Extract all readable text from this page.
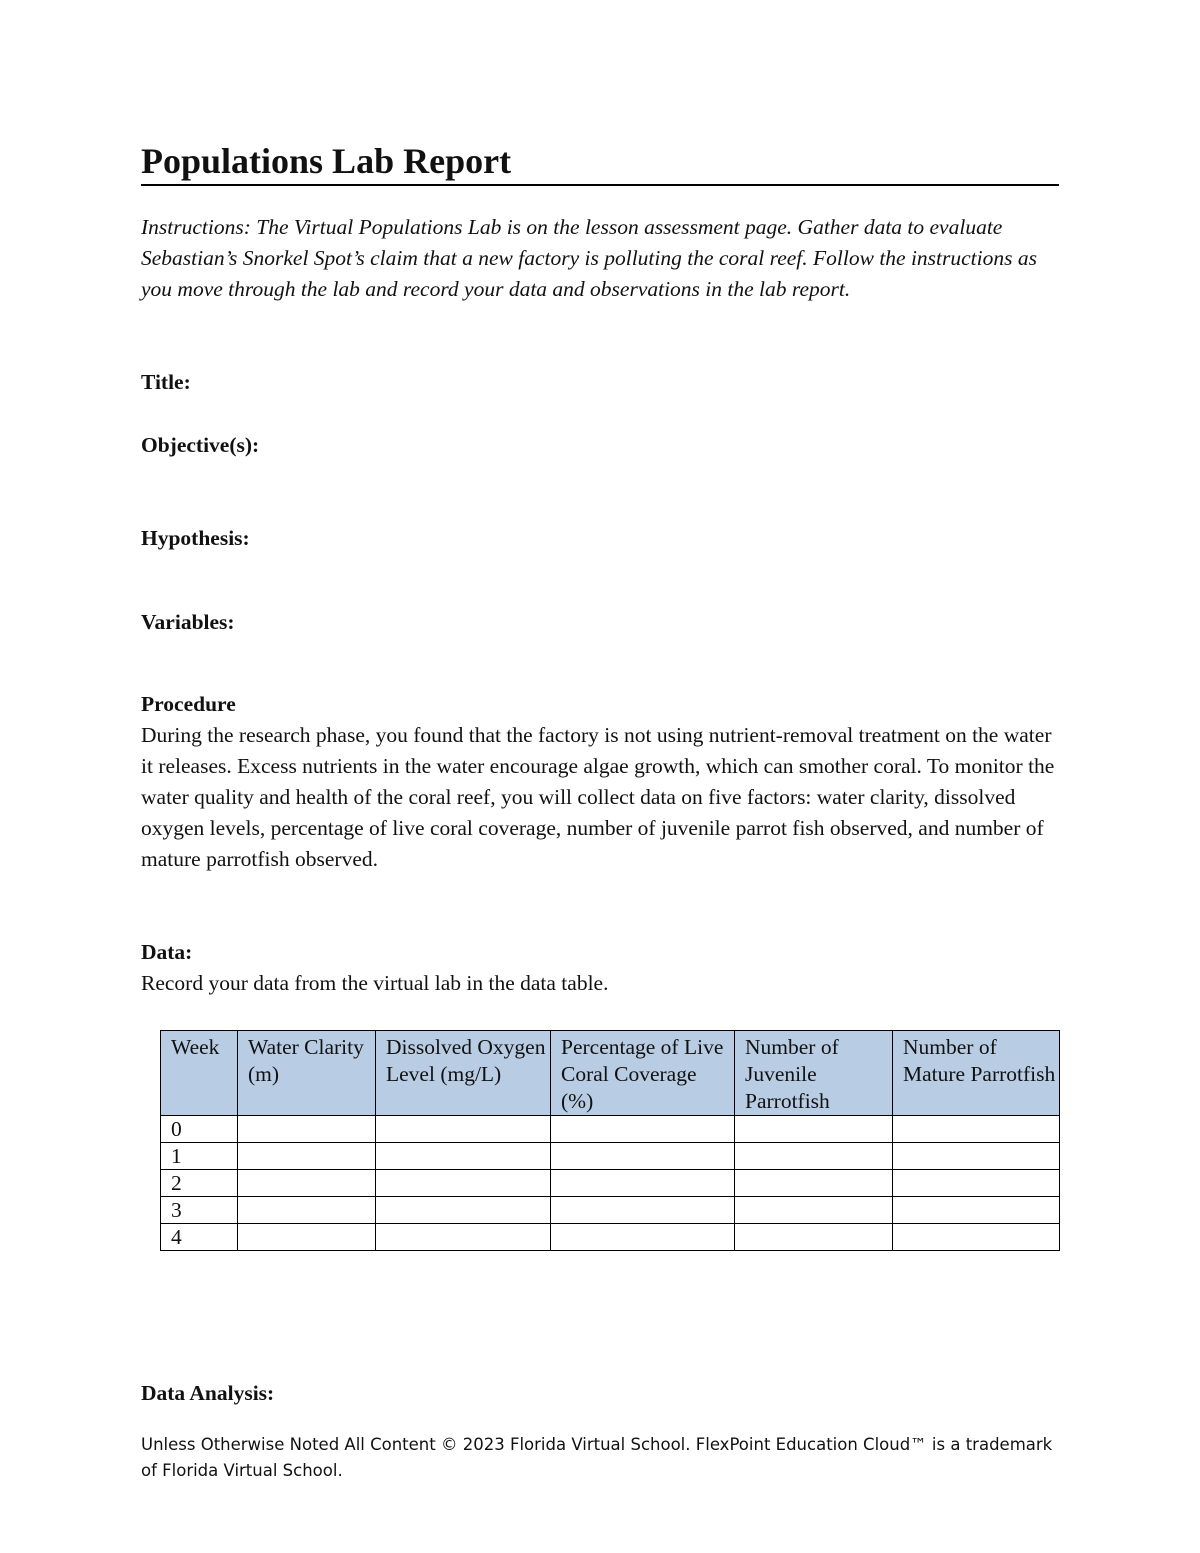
Populations Lab Report
Instructions: The Virtual Populations Lab is on the lesson assessment page. Gather data to evaluate Sebastian’s Snorkel Spot’s claim that a new factory is polluting the coral reef. Follow the instructions as you move through the lab and record your data and observations in the lab report.
Title:
Objective(s):
Hypothesis:
Variables:
Procedure
During the research phase, you found that the factory is not using nutrient-removal treatment on the water it releases. Excess nutrients in the water encourage algae growth, which can smother coral. To monitor the water quality and health of the coral reef, you will collect data on five factors: water clarity, dissolved oxygen levels, percentage of live coral coverage, number of juvenile parrot fish observed, and number of mature parrotfish observed.
Data:
Record your data from the virtual lab in the data table.
Week	Water Clarity (m)	Dissolved Oxygen Level (mg/L)	Percentage of Live Coral Coverage (%)	Number of Juvenile Parrotfish	Number of Mature Parrotfish
0					
1					
2					
3					
4					
Data Analysis:
Unless Otherwise Noted All Content © 2023 Florida Virtual School. FlexPoint Education Cloud™ is a trademark of Florida Virtual School.
